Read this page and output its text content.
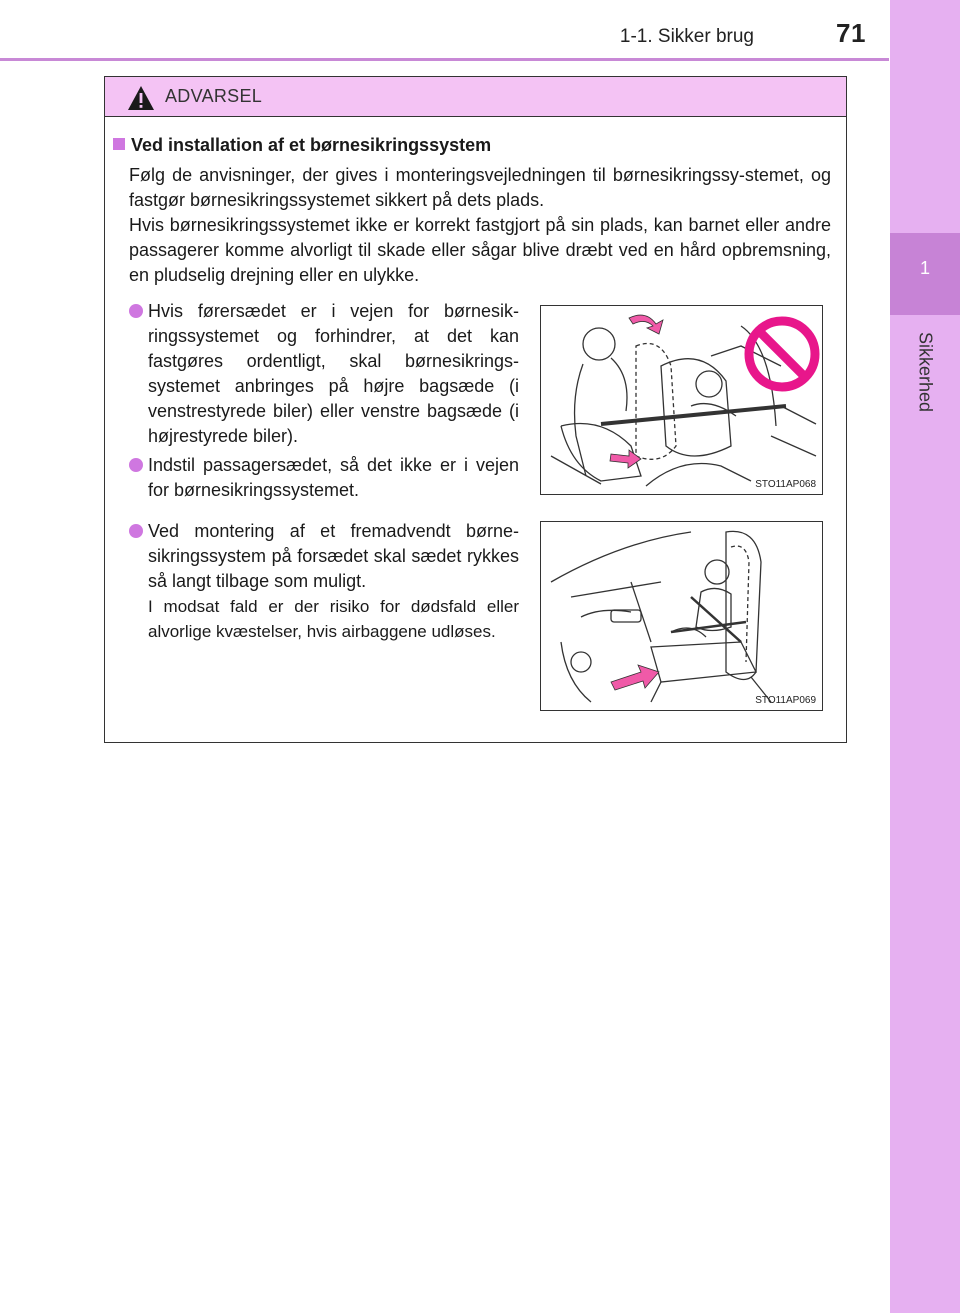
1-1. Sikker brug	71
1
Sikkerhed
ADVARSEL
Ved installation af et børnesikringssystem
Følg de anvisninger, der gives i monteringsvejledningen til børnesikringssy-stemet, og fastgør børnesikringssystemet sikkert på dets plads.
Hvis børnesikringssystemet ikke er korrekt fastgjort på sin plads, kan barnet eller andre passagerer komme alvorligt til skade eller sågar blive dræbt ved en hård opbremsning, en pludselig drejning eller en ulykke.
Hvis førersædet er i vejen for børnesik-ringssystemet og forhindrer, at det kan fastgøres ordentligt, skal børnesikrings-systemet anbringes på højre bagsæde (i venstrestyrede biler) eller venstre bagsæde (i højrestyrede biler).
Indstil passagersædet, så det ikke er i vejen for børnesikringssystemet.
Ved montering af et fremadvendt børne-sikringssystem på forsædet skal sædet rykkes så langt tilbage som muligt.
I modsat fald er der risiko for dødsfald eller alvorlige kvæstelser, hvis airbaggene udløses.
STO11AP068
STO11AP069
